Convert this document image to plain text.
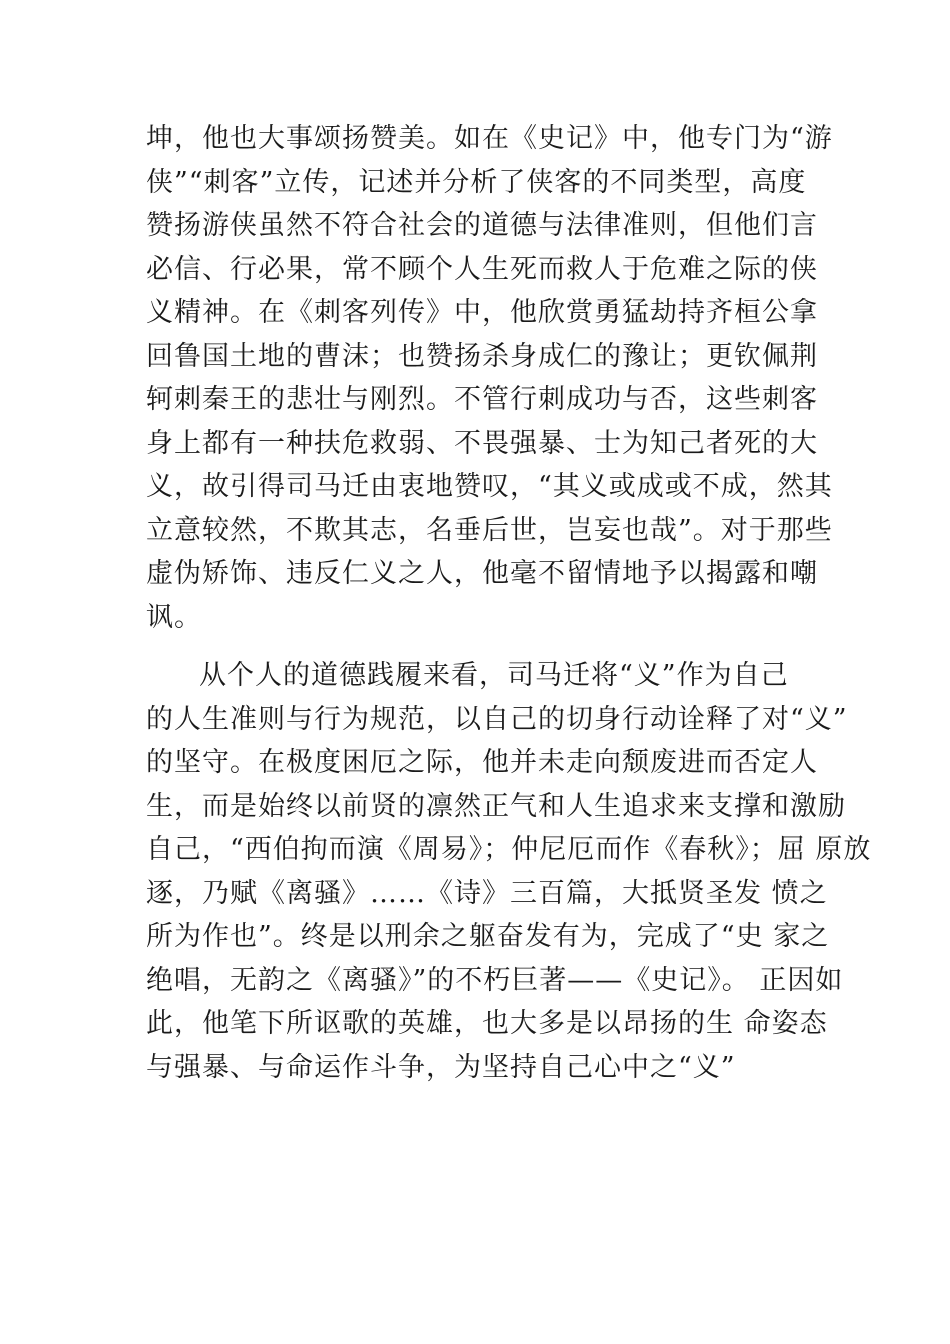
坤，他也大事颂扬赞美。如在《史记》中，他专门为“游
侠”“刺客”立传，记述并分析了侠客的不同类型，高度
赞扬游侠虽然不符合社会的道德与法律准则，但他们言
必信、行必果，常不顾个人生死而救人于危难之际的侠
义精神。在《刺客列传》中，他欣赏勇猛劫持齐桓公拿
回鲁国土地的曹沫；也赞扬杀身成仁的豫让；更钦佩荆
轲刺秦王的悲壮与刚烈。不管行刺成功与否，这些刺客
身上都有一种扶危救弱、不畏强暴、士为知己者死的大
义，故引得司马迁由衷地赞叹，“其义或成或不成，然其
立意较然，不欺其志，名垂后世，岂妄也哉”。对于那些
虚伪矫饰、违反仁义之人，他毫不留情地予以揭露和嘲
讽。
从个人的道德践履来看，司马迁将“义”作为自己
的人生准则与行为规范，以自己的切身行动诠释了对“义”
的坚守。在极度困厄之际，他并未走向颓废进而否定人
生，而是始终以前贤的凛然正气和人生追求来支撑和激励
自己，“西伯拘而演《周易》；仲尼厄而作《春秋》；屈 原放
逐，乃赋《离骚》……《诗》三百篇，大抵贤圣发 愤之
所为作也”。终是以刑余之躯奋发有为，完成了“史 家之
绝唱，无韵之《离骚》”的不朽巨著——《史记》。 正因如
此，他笔下所讴歌的英雄，也大多是以昂扬的生 命姿态
与强暴、与命运作斗争，为坚持自己心中之“义”
